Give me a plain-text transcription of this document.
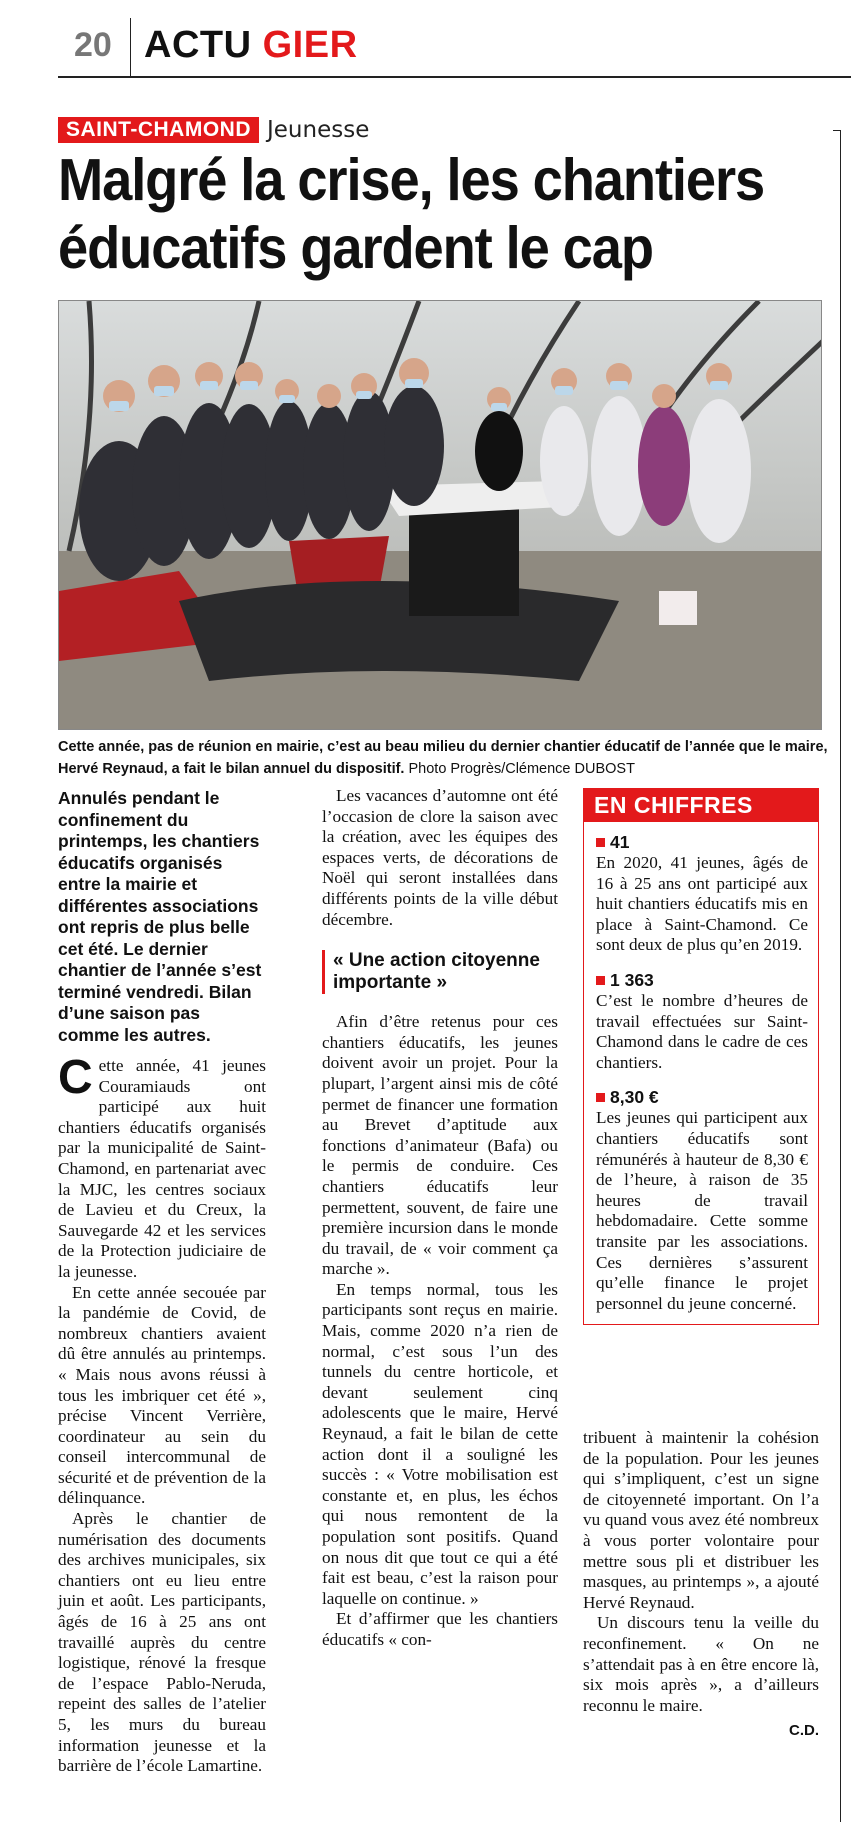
20 ACTU GIER
SAINT-CHAMOND Jeunesse
Malgré la crise, les chantiers
éducatifs gardent le cap
Cette année, pas de réunion en mairie, c’est au beau milieu du dernier chantier éducatif de l’année que le maire, Hervé Reynaud, a fait le bilan annuel du dispositif. Photo Progrès/Clémence DUBOST
Annulés pendant le confinement du printemps, les chantiers éducatifs organisés entre la mairie et différentes associations ont repris de plus belle cet été. Le dernier chantier de l’année s’est terminé vendredi. Bilan d’une saison pas comme les autres.

Cette année, 41 jeunes Couramiauds ont participé aux huit chantiers éducatifs organisés par la municipalité de Saint-Chamond, en partenariat avec la MJC, les centres sociaux de Lavieu et du Creux, la Sauvegarde 42 et les services de la Protection judiciaire de la jeunesse.

En cette année secouée par la pandémie de Covid, de nombreux chantiers avaient dû être annulés au printemps. « Mais nous avons réussi à tous les imbriquer cet été », précise Vincent Verrière, coordinateur au sein du conseil intercommunal de sécurité et de prévention de la délinquance.

Après le chantier de numérisation des documents des archives municipales, six chantiers ont eu lieu entre juin et août. Les participants, âgés de 16 à 25 ans ont travaillé auprès du centre logistique, rénové la fresque de l’espace Pablo-Neruda, repeint des salles de l’atelier 5, les murs du bureau information jeunesse et la barrière de l’école Lamartine.

Les vacances d’automne ont été l’occasion de clore la saison avec la création, avec les équipes des espaces verts, de décorations de Noël qui seront installées dans différents points de la ville début décembre.

« Une action citoyenne importante »

Afin d’être retenus pour ces chantiers éducatifs, les jeunes doivent avoir un projet. Pour la plupart, l’argent ainsi mis de côté permet de financer une formation au Brevet d’aptitude aux fonctions d’animateur (Bafa) ou le permis de conduire. Ces chantiers éducatifs leur permettent, souvent, de faire une première incursion dans le monde du travail, de « voir comment ça marche ».

En temps normal, tous les participants sont reçus en mairie. Mais, comme 2020 n’a rien de normal, c’est sous l’un des tunnels du centre horticole, et devant seulement cinq adolescents que le maire, Hervé Reynaud, a fait le bilan de cette action dont il a souligné les succès : « Votre mobilisation est constante et, en plus, les échos qui nous remontent de la population sont positifs. Quand on nous dit que tout ce qui a été fait est beau, c’est la raison pour laquelle on continue. »

Et d’affirmer que les chantiers éducatifs « con-

EN CHIFFRES
41

En 2020, 41 jeunes, âgés de 16 à 25 ans ont participé aux huit chantiers éducatifs mis en place à Saint-Chamond. Ce sont deux de plus qu’en 2019.

1 363

C’est le nombre d’heures de travail effectuées sur Saint-Chamond dans le cadre de ces chantiers.

8,30 €

Les jeunes qui participent aux chantiers éducatifs sont rémunérés à hauteur de 8,30 € de l’heure, à raison de 35 heures de travail hebdomadaire. Cette somme transite par les associations. Ces dernières s’assurent qu’elle finance le projet personnel du jeune concerné.

tribuent à maintenir la cohésion de la population. Pour les jeunes qui s’impliquent, c’est un signe de citoyenneté important. On l’a vu quand vous avez été nombreux à vous porter volontaire pour mettre sous pli et distribuer les masques, au printemps », a ajouté Hervé Reynaud.

Un discours tenu la veille du reconfinement. « On ne s’attendait pas à en être encore là, six mois après », a d’ailleurs reconnu le maire.

C.D.
